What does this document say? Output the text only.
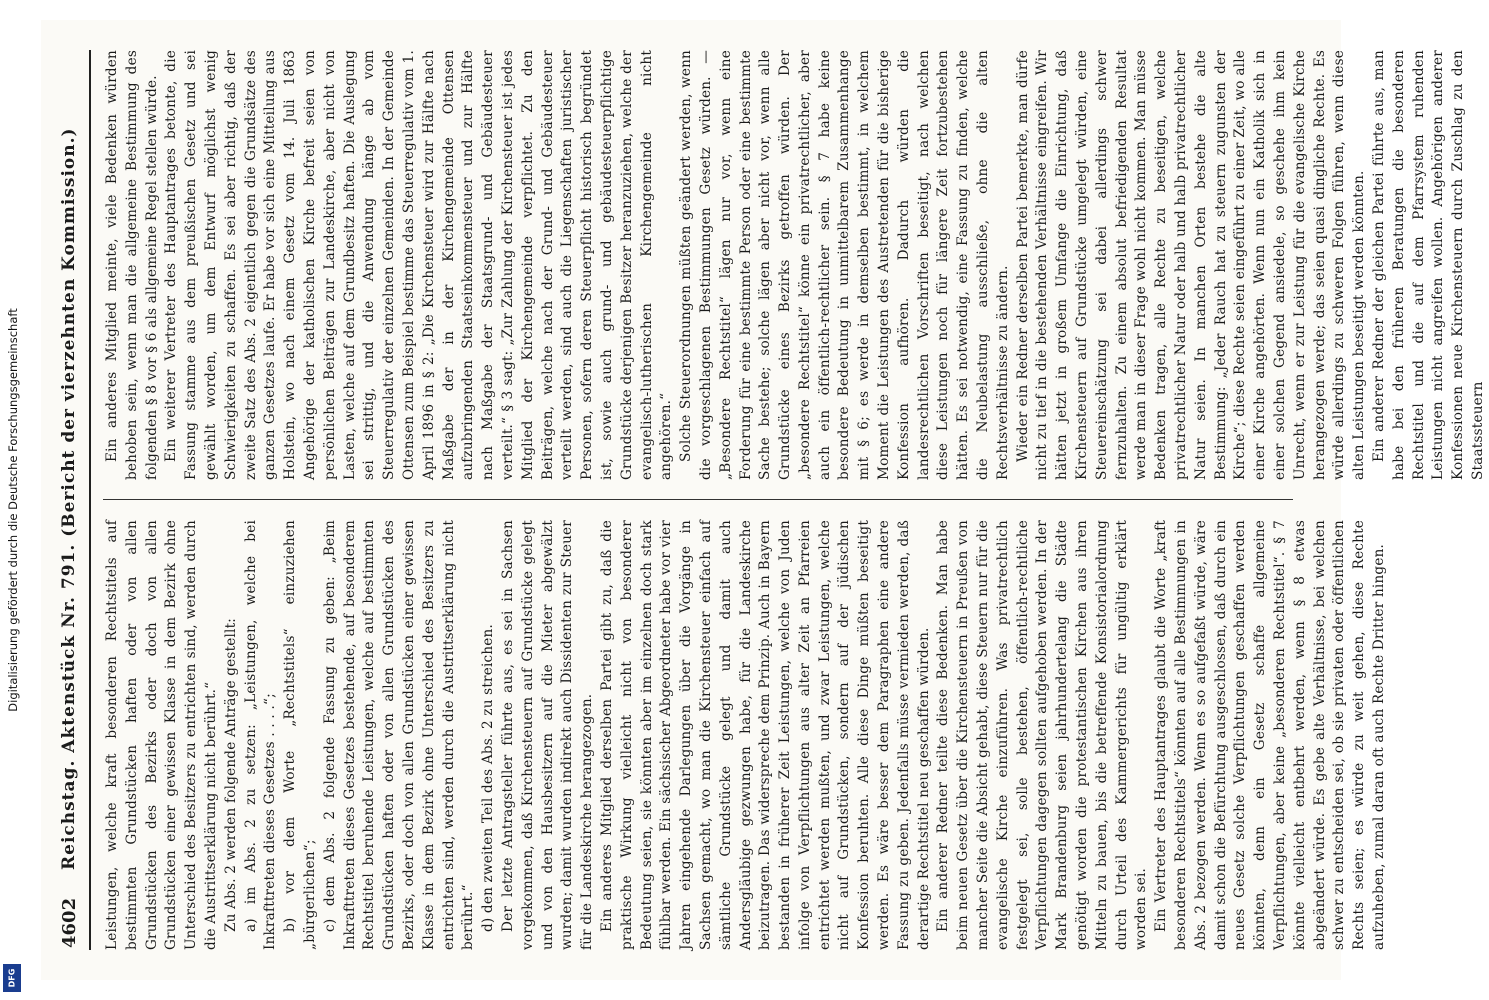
4602
Reichstag. Aktenstück Nr. 791. (Bericht der vierzehnten Kommission.) Leistungen, welche kraft besonderen Rechtstitels auf bestimmten Grundstücken haften oder von allen Grundstücken des Bezirks oder doch von allen Grundstücken einer gewissen Klasse in dem Bezirk ohne Unterschied des Besitzers zu entrichten sind, werden durch die Austrittserklärung nicht berührt.“ Zu Abs. 2 werden folgende Anträge gestellt: a) im Abs. 2 zu setzen: „Leistungen, welche bei Inkrafttreten dieses Gesetzes . . . .“; b) vor dem Worte „Rechtstitels“ einzuziehen „bürgerlichen“; c) dem Abs. 2 folgende Fassung zu geben: „Beim Inkrafttreten dieses Gesetzes bestehende, auf besonderem Rechtstitel beruhende Leistungen, welche auf bestimmten Grundstücken haften oder von allen Grundstücken des Bezirks, oder doch von allen Grundstücken einer gewissen Klasse in dem Bezirk ohne Unterschied des Besitzers zu entrichten sind, werden durch die Austrittserklärung nicht berührt.“ d) den zweiten Teil des Abs. 2 zu streichen. Der letzte Antragsteller führte aus, es sei in Sachsen vorgekommen, daß Kirchensteuern auf Grundstücke gelegt und von den Hausbesitzern auf die Mieter abgewälzt wurden; damit wurden indirekt auch Dissidenten zur Steuer für die Landeskirche herangezogen. Ein anderes Mitglied derselben Partei gibt zu, daß die praktische Wirkung vielleicht nicht von besonderer Bedeutung seien, sie könnten aber im einzelnen doch stark fühlbar werden. Ein sächsischer Abgeordneter habe vor vier Jahren eingehende Darlegungen über die Vorgänge in Sachsen gemacht, wo man die Kirchensteuer einfach auf sämtliche Grundstücke gelegt und damit auch Andersgläubige gezwungen habe, für die Landeskirche beizutragen. Das widerspreche dem Prinzip. Auch in Bayern bestanden in früherer Zeit Leistungen, welche von Juden infolge von Verpflichtungen aus alter Zeit an Pfarreien entrichtet werden mußten, und zwar Leistungen, welche nicht auf Grundstücken, sondern auf der jüdischen Konfession beruhten. Alle diese Dinge müßten beseitigt werden. Es wäre besser dem Paragraphen eine andere Fassung zu geben. Jedenfalls müsse vermieden werden, daß derartige Rechtstitel neu geschaffen würden. Ein anderer Redner teilte diese Bedenken. Man habe beim neuen Gesetz über die Kirchensteuern in Preußen von mancher Seite die Absicht gehabt, diese Steuern nur für die evangelische Kirche einzuführen. Was privatrechtlich festgelegt sei, solle bestehen, öffentlich-rechtliche Verpflichtungen dagegen sollten aufgehoben werden. In der Mark Brandenburg seien jahrhundertelang die Städte genötigt worden die protestantischen Kirchen aus ihren Mitteln zu bauen, bis die betreffende Konsistorialordnung durch Urteil des Kammergerichts für ungültig erklärt worden sei. Ein Vertreter des Hauptantrages glaubt die Worte „kraft besonderen Rechtstitels“ könnten auf alle Bestimmungen in Abs. 2 bezogen werden. Wenn es so aufgefaßt würde, wäre damit schon die Befürchtung ausgeschlossen, daß durch ein neues Gesetz solche Verpflichtungen geschaffen werden könnten, denn ein Gesetz schaffe allgemeine Verpflichtungen, aber keine „besonderen Rechtstitel“. § 7 könnte vielleicht entbehrt werden, wenn § 8 etwas abgeändert würde. Es gebe alte Verhältnisse, bei welchen schwer zu entscheiden sei, ob sie privaten oder öffentlichen Rechts seien; es würde zu weit gehen, diese Rechte aufzuheben, zumal daran oft auch Rechte Dritter hingen.

Ein anderes Mitglied meinte, viele Bedenken würden behoben sein, wenn man die allgemeine Bestimmung des folgenden § 8 vor § 6 als allgemeine Regel stellen würde. Ein weiterer Vertreter des Hauptantrages betonte, die Fassung stamme aus dem preußischen Gesetz und sei gewählt worden, um dem Entwurf möglichst wenig Schwierigkeiten zu schaffen. Es sei aber richtig, daß der zweite Satz des Abs. 2 eigentlich gegen die Grundsätze des ganzen Gesetzes laufe. Er habe vor sich eine Mitteilung aus Holstein, wo nach einem Gesetz vom 14. Juli 1863 Angehörige der katholischen Kirche befreit seien von persönlichen Beiträgen zur Landeskirche, aber nicht von Lasten, welche auf dem Grundbesitz haften. Die Auslegung sei strittig, und die Anwendung hänge ab vom Steuerregulativ der einzelnen Gemeinden. In der Gemeinde Ottensen zum Beispiel bestimme das Steuerregulativ vom 1. April 1896 in § 2: „Die Kirchensteuer wird zur Hälfte nach Maßgabe der in der Kirchengemeinde Ottensen aufzubringenden Staatseinkommensteuer und zur Hälfte nach Maßgabe der Staatsgrund- und Gebäudesteuer verteilt.“ § 3 sagt: „Zur Zahlung der Kirchensteuer ist jedes Mitglied der Kirchengemeinde verpflichtet. Zu den Beiträgen, welche nach der Grund- und Gebäudesteuer verteilt werden, sind auch die Liegenschaften juristischer Personen, sofern deren Steuerpflicht historisch begründet ist, sowie auch grund- und gebäudesteuerpflichtige Grundstücke derjenigen Besitzer heranzuziehen, welche der evangelisch-lutherischen Kirchengemeinde nicht angehören.“ Solche Steuerordnungen müßten geändert werden, wenn die vorgeschlagenen Bestimmungen Gesetz würden. — „Besondere Rechtstitel“ lägen nur vor, wenn eine Forderung für eine bestimmte Person oder eine bestimmte Sache bestehe; solche lägen aber nicht vor, wenn alle Grundstücke eines Bezirks getroffen würden. Der „besondere Rechtstitel“ könne ein privatrechtlicher, aber auch ein öffentlich-rechtlicher sein. § 7 habe keine besondere Bedeutung in unmittelbarem Zusammenhange mit § 6; es werde in demselben bestimmt, in welchem Moment die Leistungen des Austretenden für die bisherige Konfession aufhören. Dadurch würden die landesrechtlichen Vorschriften beseitigt, nach welchen diese Leistungen noch für längere Zeit fortzubestehen hätten. Es sei notwendig, eine Fassung zu finden, welche die Neubelastung ausschließe, ohne die alten Rechtsverhältnisse zu ändern. Wieder ein Redner derselben Partei bemerkte, man dürfe nicht zu tief in die bestehenden Verhältnisse eingreifen. Wir hätten jetzt in großem Umfange die Einrichtung, daß Kirchensteuern auf Grundstücke umgelegt würden, eine Steuereinschätzung sei dabei allerdings schwer fernzuhalten. Zu einem absolut befriedigenden Resultat werde man in dieser Frage wohl nicht kommen. Man müsse Bedenken tragen, alle Rechte zu beseitigen, welche privatrechtlicher Natur oder halb und halb privatrechtlicher Natur seien. In manchen Orten bestehe die alte Bestimmung: „Jeder Rauch hat zu steuern zugunsten der Kirche“; diese Rechte seien eingeführt zu einer Zeit, wo alle einer Kirche angehörten. Wenn nun ein Katholik sich in einer solchen Gegend ansiedele, so geschehe ihm kein Unrecht, wenn er zur Leistung für die evangelische Kirche herangezogen werde; das seien quasi dingliche Rechte. Es würde allerdings zu schweren Folgen führen, wenn diese alten Leistungen beseitigt werden könnten. Ein anderer Redner der gleichen Partei führte aus, man habe bei den früheren Beratungen die besonderen Rechtstitel und die auf dem Pfarrsystem ruhenden Leistungen nicht angreifen wollen. Angehörigen anderer Konfessionen neue Kirchensteuern durch Zuschlag zu den Staatssteuern

Digitalisierung gefördert durch die Deutsche Forschungsgemeinschaft
DFG
